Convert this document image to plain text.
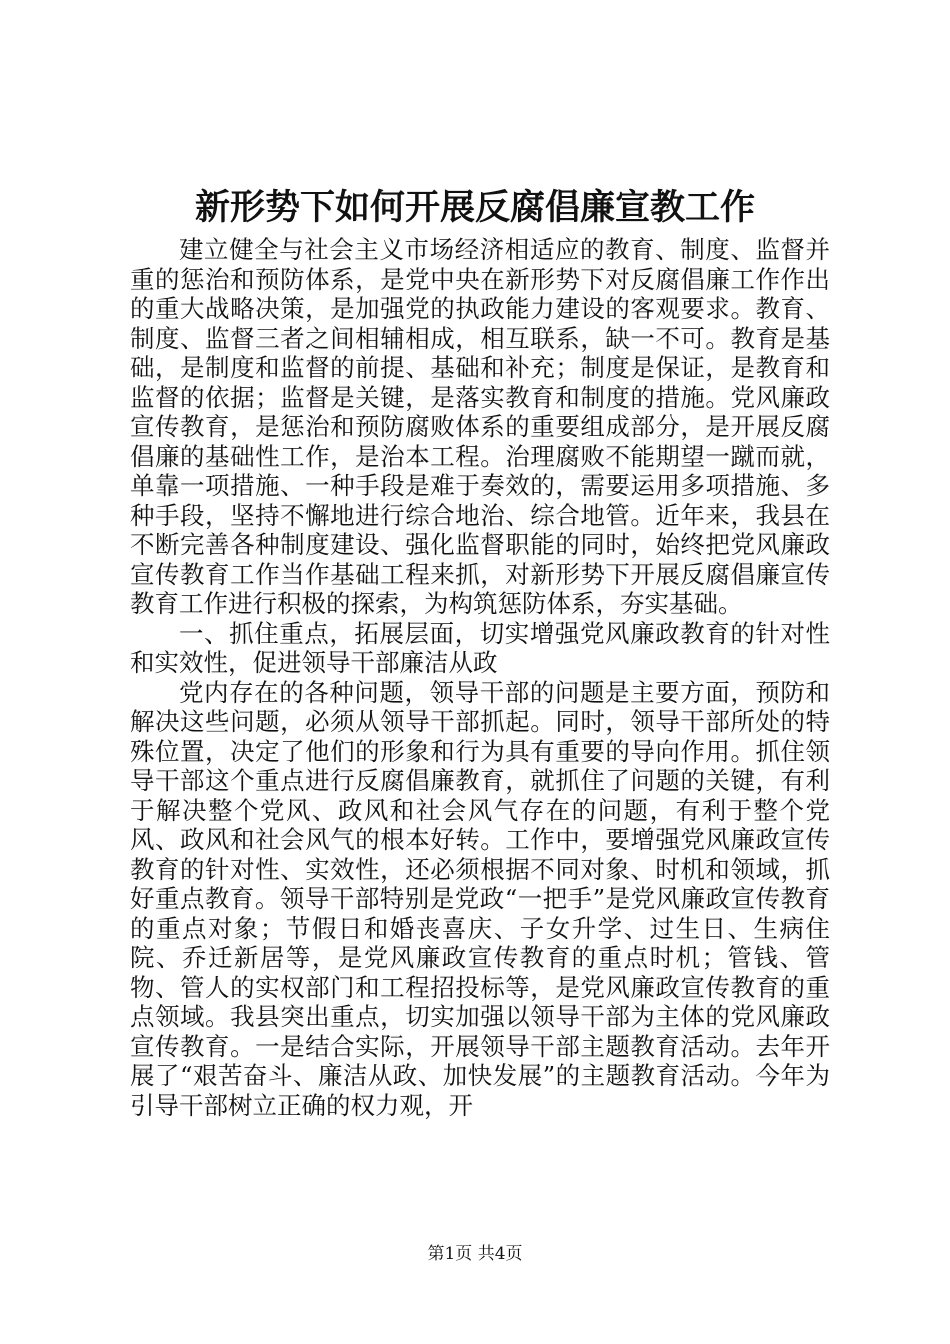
新形势下如何开展反腐倡廉宣教工作

建立健全与社会主义市场经济相适应的教育、制度、监督并重的惩治和预防体系，是党中央在新形势下对反腐倡廉工作作出的重大战略决策，是加强党的执政能力建设的客观要求。教育、制度、监督三者之间相辅相成，相互联系，缺一不可。教育是基础，是制度和监督的前提、基础和补充；制度是保证，是教育和监督的依据；监督是关键，是落实教育和制度的措施。党风廉政宣传教育，是惩治和预防腐败体系的重要组成部分，是开展反腐倡廉的基础性工作，是治本工程。治理腐败不能期望一蹴而就，单靠一项措施、一种手段是难于奏效的，需要运用多项措施、多种手段，坚持不懈地进行综合地治、综合地管。近年来，我县在不断完善各种制度建设、强化监督职能的同时，始终把党风廉政宣传教育工作当作基础工程来抓，对新形势下开展反腐倡廉宣传教育工作进行积极的探索，为构筑惩防体系，夯实基础。

一、抓住重点，拓展层面，切实增强党风廉政教育的针对性和实效性，促进领导干部廉洁从政

党内存在的各种问题，领导干部的问题是主要方面，预防和解决这些问题，必须从领导干部抓起。同时，领导干部所处的特殊位置，决定了他们的形象和行为具有重要的导向作用。抓住领导干部这个重点进行反腐倡廉教育，就抓住了问题的关键，有利于解决整个党风、政风和社会风气存在的问题，有利于整个党风、政风和社会风气的根本好转。工作中，要增强党风廉政宣传教育的针对性、实效性，还必须根据不同对象、时机和领域，抓好重点教育。领导干部特别是党政“一把手”是党风廉政宣传教育的重点对象；节假日和婚丧喜庆、子女升学、过生日、生病住院、乔迁新居等，是党风廉政宣传教育的重点时机；管钱、管物、管人的实权部门和工程招投标等，是党风廉政宣传教育的重点领域。我县突出重点，切实加强以领导干部为主体的党风廉政宣传教育。一是结合实际，开展领导干部主题教育活动。去年开展了“艰苦奋斗、廉洁从政、加快发展”的主题教育活动。今年为引导干部树立正确的权力观，开

第1页 共4页
